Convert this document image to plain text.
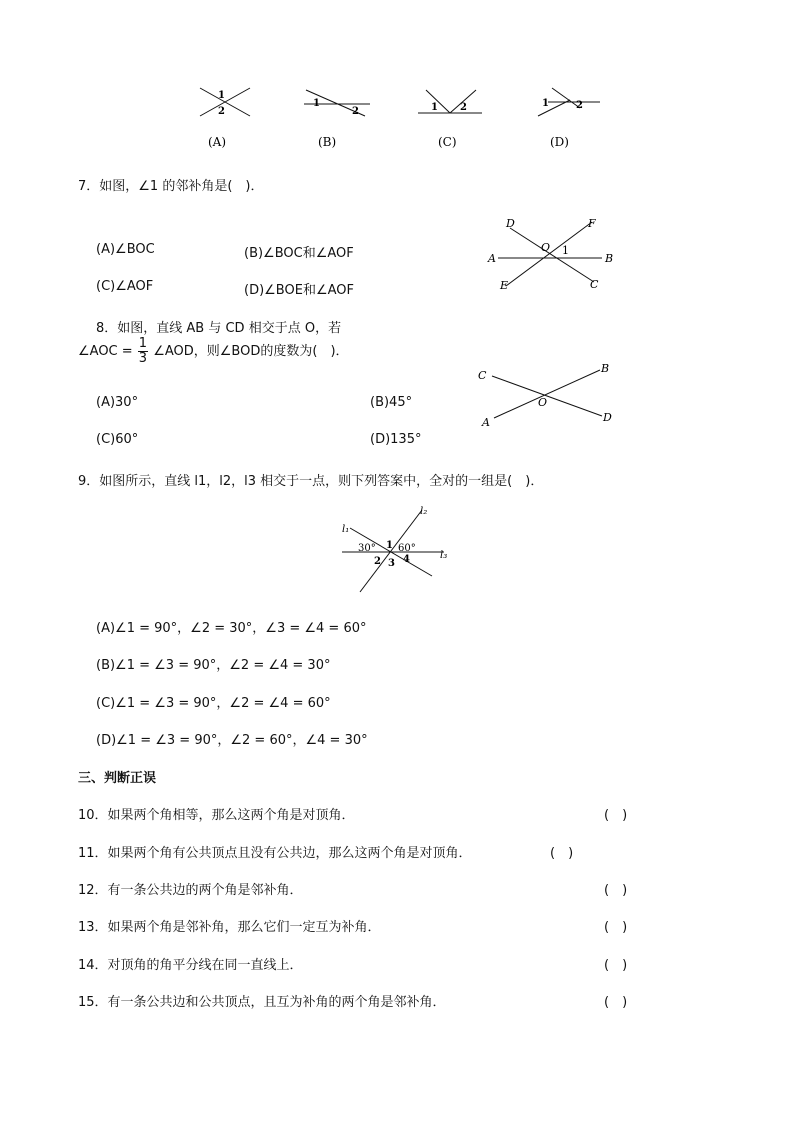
1
2
(A)
1
2
(B)
1 2
(C)
1	2
(D)
7．如图，∠1 的邻补角是(　)．
(A)∠BOC	(B)∠BOC和∠AOF
(C)∠AOF	(D)∠BOE和∠AOF
D	F
O 1
A	B
E	C
8．如图，直线 AB 与 CD 相交于点 O，若
∠AOC = $\frac{1}{3}$ ∠AOD，则∠BOD的度数为(　)．
(A)30°	(B)45°
(C)60°	(D)135°
C
B
O
A	D
9．如图所示，直线 l1，l2，l3 相交于一点，则下列答案中，全对的一组是(　)．
l₁
l₂
l₃
30° 60°
1
2 3 4
(A)∠1 = 90°，∠2 = 30°，∠3 = ∠4 = 60°
(B)∠1 = ∠3 = 90°，∠2 = ∠4 = 30°
(C)∠1 = ∠3 = 90°，∠2 = ∠4 = 60°
(D)∠1 = ∠3 = 90°，∠2 = 60°，∠4 = 30°
三、判断正误
10．如果两个角相等，那么这两个角是对顶角．	(　)
11．如果两个角有公共顶点且没有公共边，那么这两个角是对顶角．	(　)
12．有一条公共边的两个角是邻补角．	(　)
13．如果两个角是邻补角，那么它们一定互为补角．	(　)
14．对顶角的角平分线在同一直线上．	(　)
15．有一条公共边和公共顶点，且互为补角的两个角是邻补角．	(　)
